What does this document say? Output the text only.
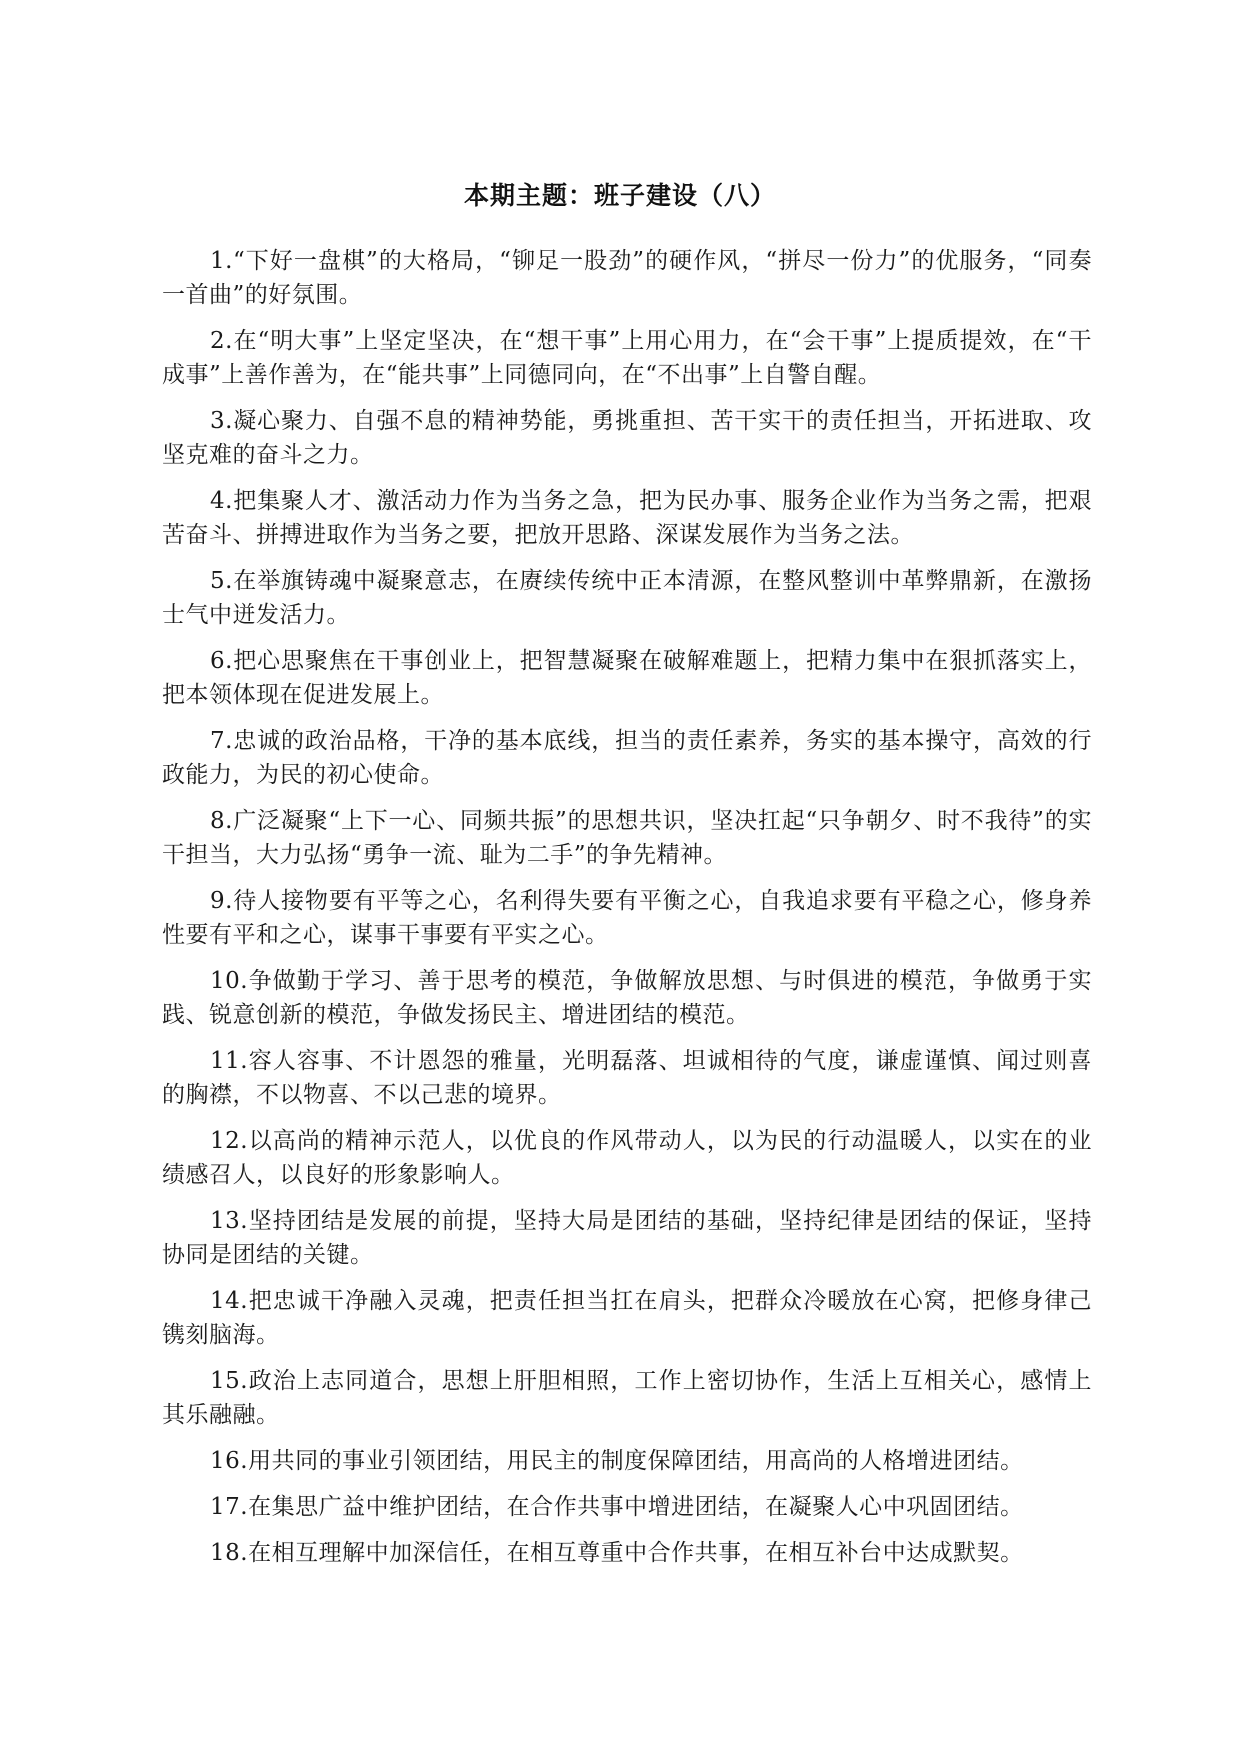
本期主题：班子建设（八）
1.“下好一盘棋”的大格局，“铆足一股劲”的硬作风，“拼尽一份力”的优服务，“同奏一首曲”的好氛围。
2.在“明大事”上坚定坚决，在“想干事”上用心用力，在“会干事”上提质提效，在“干成事”上善作善为，在“能共事”上同德同向，在“不出事”上自警自醒。
3.凝心聚力、自强不息的精神势能，勇挑重担、苦干实干的责任担当，开拓进取、攻坚克难的奋斗之力。
4.把集聚人才、激活动力作为当务之急，把为民办事、服务企业作为当务之需，把艰苦奋斗、拼搏进取作为当务之要，把放开思路、深谋发展作为当务之法。
5.在举旗铸魂中凝聚意志，在赓续传统中正本清源，在整风整训中革弊鼎新，在激扬士气中迸发活力。
6.把心思聚焦在干事创业上，把智慧凝聚在破解难题上，把精力集中在狠抓落实上，把本领体现在促进发展上。
7.忠诚的政治品格，干净的基本底线，担当的责任素养，务实的基本操守，高效的行政能力，为民的初心使命。
8.广泛凝聚“上下一心、同频共振”的思想共识，坚决扛起“只争朝夕、时不我待”的实干担当，大力弘扬“勇争一流、耻为二手”的争先精神。
9.待人接物要有平等之心，名利得失要有平衡之心，自我追求要有平稳之心，修身养性要有平和之心，谋事干事要有平实之心。
10.争做勤于学习、善于思考的模范，争做解放思想、与时俱进的模范，争做勇于实践、锐意创新的模范，争做发扬民主、增进团结的模范。
11.容人容事、不计恩怨的雅量，光明磊落、坦诚相待的气度，谦虚谨慎、闻过则喜的胸襟，不以物喜、不以己悲的境界。
12.以高尚的精神示范人，以优良的作风带动人，以为民的行动温暖人，以实在的业绩感召人，以良好的形象影响人。
13.坚持团结是发展的前提，坚持大局是团结的基础，坚持纪律是团结的保证，坚持协同是团结的关键。
14.把忠诚干净融入灵魂，把责任担当扛在肩头，把群众冷暖放在心窝，把修身律己镌刻脑海。
15.政治上志同道合，思想上肝胆相照，工作上密切协作，生活上互相关心，感情上其乐融融。
16.用共同的事业引领团结，用民主的制度保障团结，用高尚的人格增进团结。
17.在集思广益中维护团结，在合作共事中增进团结，在凝聚人心中巩固团结。
18.在相互理解中加深信任，在相互尊重中合作共事，在相互补台中达成默契。
